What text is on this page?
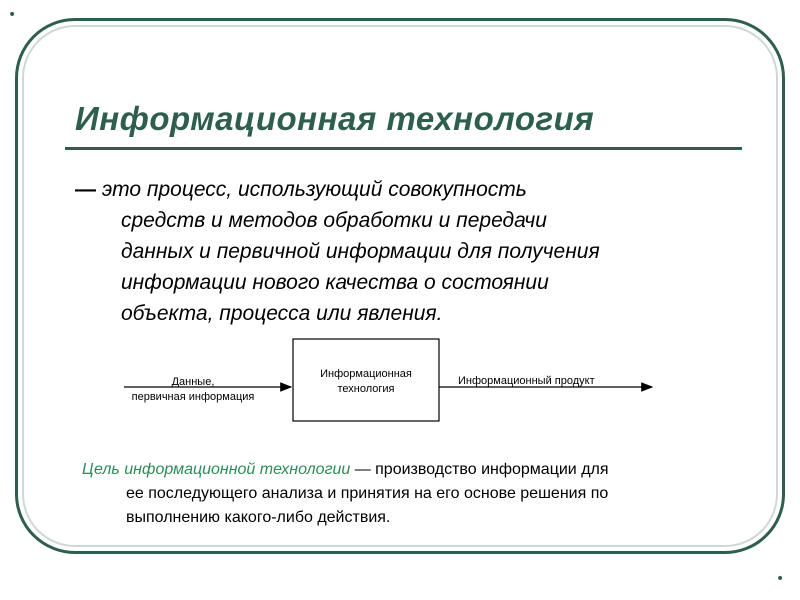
•
•
Информационная технология
— это процесс, использующий совокупность
средств и методов обработки и передачи
данных и первичной информации для получения
информации нового качества о состоянии
объекта, процесса или явления.
Информационная
технология
Данные,
первичная информация
Информационный продукт
Цель информационной технологии — производство информации для
ее последующего анализа и принятия на его основе решения по
выполнению какого-либо действия.
